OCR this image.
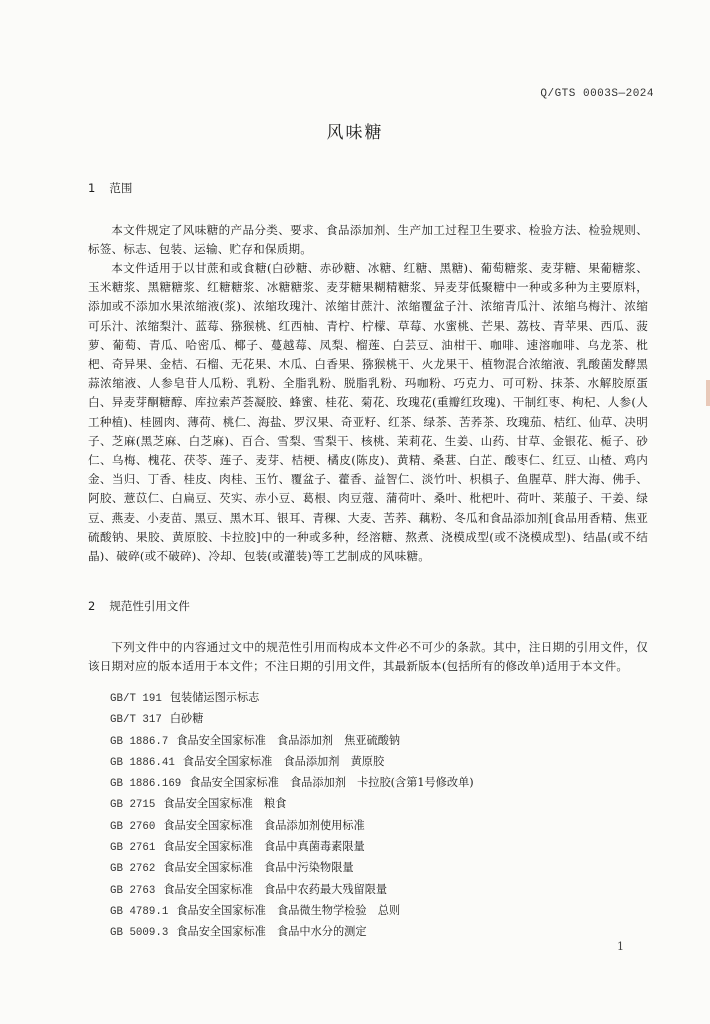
Q/GTS 0003S—2024
风味糖
1 范围
本文件规定了风味糖的产品分类、要求、食品添加剂、生产加工过程卫生要求、检验方法、检验规则、标签、标志、包装、运输、贮存和保质期。
本文件适用于以甘蔗和或食糖(白砂糖、赤砂糖、冰糖、红糖、黑糖)、葡萄糖浆、麦芽糖、果葡糖浆、玉米糖浆、黑糖糖浆、红糖糖浆、冰糖糖浆、麦芽糖果糊精糖浆、异麦芽低聚糖中一种或多种为主要原料，添加或不添加水果浓缩液(浆)、浓缩玫瑰汁、浓缩甘蔗汁、浓缩覆盆子汁、浓缩青瓜汁、浓缩乌梅汁、浓缩可乐汁、浓缩梨汁、蓝莓、猕猴桃、红西柚、青柠、柠檬、草莓、水蜜桃、芒果、荔枝、青苹果、西瓜、菠萝、葡萄、青瓜、哈密瓜、椰子、蔓越莓、凤梨、榴莲、白芸豆、油柑干、咖啡、速溶咖啡、乌龙茶、枇杷、奇异果、金桔、石榴、无花果、木瓜、白香果、猕猴桃干、火龙果干、植物混合浓缩液、乳酸菌发酵黑蒜浓缩液、人参皂苷人瓜粉、乳粉、全脂乳粉、脱脂乳粉、玛咖粉、巧克力、可可粉、抹茶、水解胶原蛋白、异麦芽酮糖醇、库拉索芦荟凝胶、蜂蜜、桂花、菊花、玫瑰花(重瓣红玫瑰)、干制红枣、枸杞、人参(人工种植)、桂圆肉、薄荷、桃仁、海盐、罗汉果、奇亚籽、红茶、绿茶、苦荞茶、玫瑰茄、桔红、仙草、决明子、芝麻(黑芝麻、白芝麻)、百合、雪梨、雪梨干、核桃、茉莉花、生姜、山药、甘草、金银花、栀子、砂仁、乌梅、槐花、茯苓、莲子、麦芽、桔梗、橘皮(陈皮)、黄精、桑葚、白芷、酸枣仁、红豆、山楂、鸡内金、当归、丁香、桂皮、肉桂、玉竹、覆盆子、藿香、益智仁、淡竹叶、枳椇子、鱼腥草、胖大海、佛手、阿胶、薏苡仁、白扁豆、芡实、赤小豆、葛根、肉豆蔻、蒲荷叶、桑叶、枇杷叶、荷叶、莱菔子、干姜、绿豆、燕麦、小麦苗、黑豆、黑木耳、银耳、青稞、大麦、苦荞、藕粉、冬瓜和食品添加剂[食品用香精、焦亚硫酸钠、果胶、黄原胶、卡拉胶]中的一种或多种，经溶糖、熬煮、浇模成型(或不浇模成型)、结晶(或不结晶)、破碎(或不破碎)、冷却、包装(或灌装)等工艺制成的风味糖。
2 规范性引用文件
下列文件中的内容通过文中的规范性引用而构成本文件必不可少的条款。其中，注日期的引用文件，仅该日期对应的版本适用于本文件；不注日期的引用文件，其最新版本(包括所有的修改单)适用于本文件。
GB/T 191 包装储运图示标志
GB/T 317 白砂糖
GB 1886.7 食品安全国家标准　食品添加剂　焦亚硫酸钠
GB 1886.41 食品安全国家标准　食品添加剂　黄原胶
GB 1886.169 食品安全国家标准　食品添加剂　卡拉胶(含第1号修改单)
GB 2715 食品安全国家标准　粮食
GB 2760 食品安全国家标准　食品添加剂使用标准
GB 2761 食品安全国家标准　食品中真菌毒素限量
GB 2762 食品安全国家标准　食品中污染物限量
GB 2763 食品安全国家标准　食品中农药最大残留限量
GB 4789.1 食品安全国家标准　食品微生物学检验　总则
GB 5009.3 食品安全国家标准　食品中水分的测定
1
